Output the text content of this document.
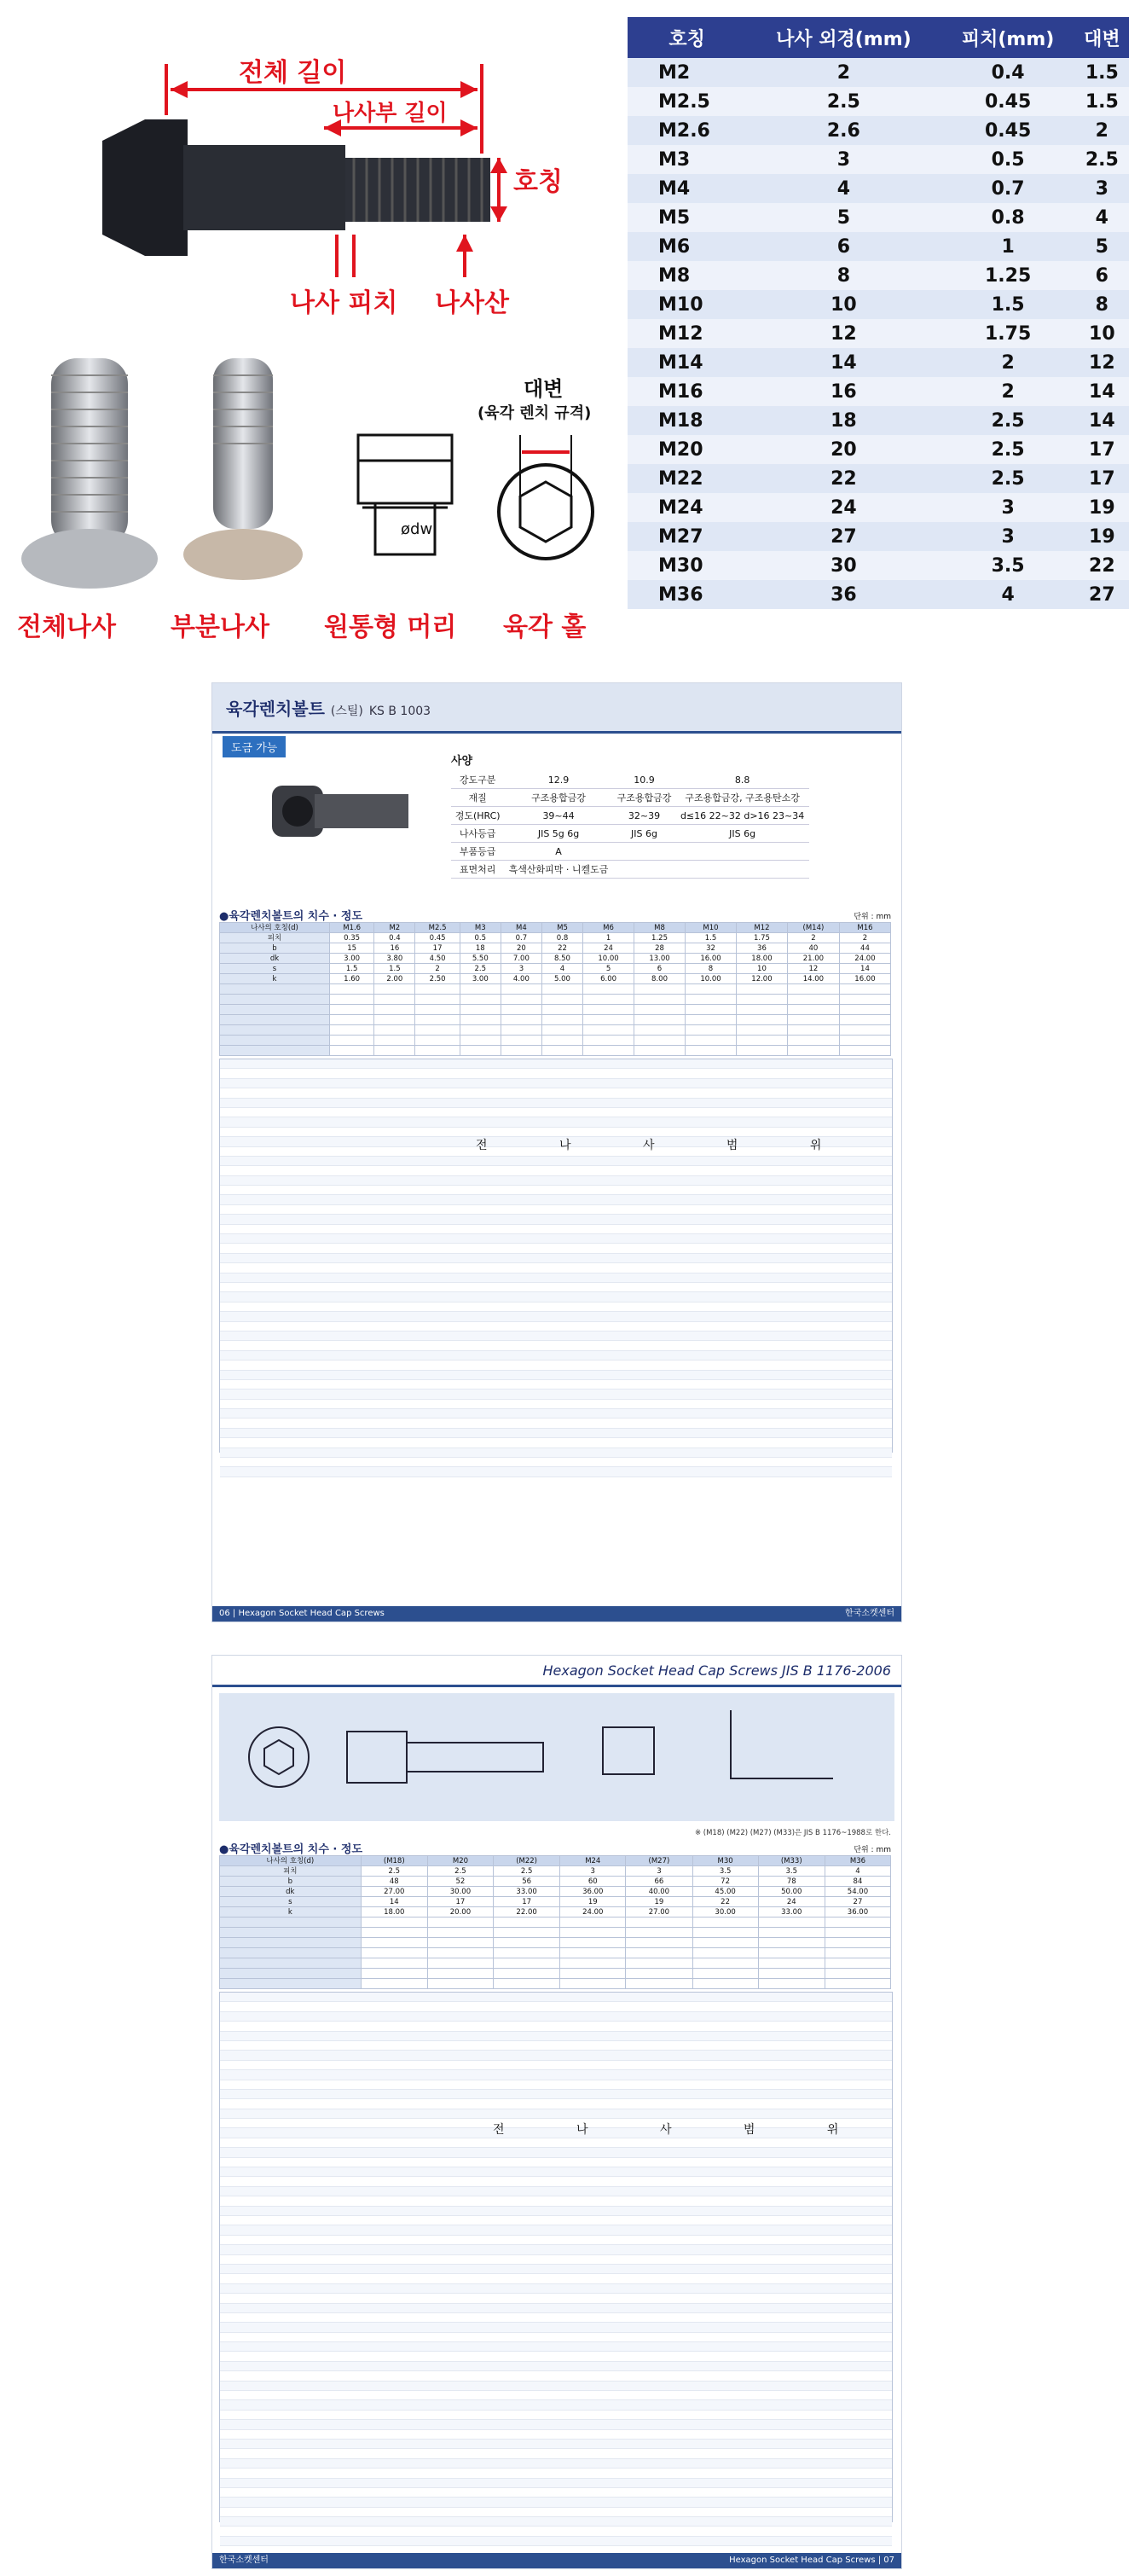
전체 길이
나사부 길이
호칭
나사 피치 나사산
ødw
대변
(육각 렌치 규격)
전체나사 부분나사 원통형 머리 육각 홀
호칭	나사 외경(mm)	피치(mm)	대변
M2	2	0.4	1.5
M2.5	2.5	0.45	1.5
M2.6	2.6	0.45	2
M3	3	0.5	2.5
M4	4	0.7	3
M5	5	0.8	4
M6	6	1	5
M8	8	1.25	6
M10	10	1.5	8
M12	12	1.75	10
M14	14	2	12
M16	16	2	14
M18	18	2.5	14
M20	20	2.5	17
M22	22	2.5	17
M24	24	3	19
M27	27	3	19
M30	30	3.5	22
M36	36	4	27
육각렌치볼트 (스틸) KS B 1003
도금 가능
사양
강도구분	12.9	10.9	8.8
재질	구조용합금강	구조용합금강	구조용합금강, 구조용탄소강
경도(HRC)	39~44	32~39	d≤16 22~32 d>16 23~34
나사등급	JIS 5g 6g	JIS 6g	JIS 6g
부품등급	A		
표면처리	흑색산화피막 · 니켈도금		
●육각렌치볼트의 치수 · 정도	단위 : mm
나사의 호칭(d)	M1.6	M2	M2.5	M3	M4	M5	M6	M8	M10	M12	(M14)	M16
피치	0.35	0.4	0.45	0.5	0.7	0.8	1	1.25	1.5	1.75	2	2
b	15	16	17	18	20	22	24	28	32	36	40	44
dk	3.00	3.80	4.50	5.50	7.00	8.50	10.00	13.00	16.00	18.00	21.00	24.00
s	1.5	1.5	2	2.5	3	4	5	6	8	10	12	14
k	1.60	2.00	2.50	3.00	4.00	5.00	6.00	8.00	10.00	12.00	14.00	16.00

전 나 사 범 위
06 | Hexagon Socket Head Cap Screws	한국소켓센터
Hexagon Socket Head Cap Screws JIS B 1176-2006
※ (M18) (M22) (M27) (M33)은 JIS B 1176~1988로 한다.
●육각렌치볼트의 치수 · 정도	단위 : mm
나사의 호칭(d)	(M18)	M20	(M22)	M24	(M27)	M30	(M33)	M36
피치	2.5	2.5	2.5	3	3	3.5	3.5	4
b	48	52	56	60	66	72	78	84
dk	27.00	30.00	33.00	36.00	40.00	45.00	50.00	54.00
s	14	17	17	19	19	22	24	27
k	18.00	20.00	22.00	24.00	27.00	30.00	33.00	36.00

전 나 사 범 위
한국소켓센터	Hexagon Socket Head Cap Screws | 07
